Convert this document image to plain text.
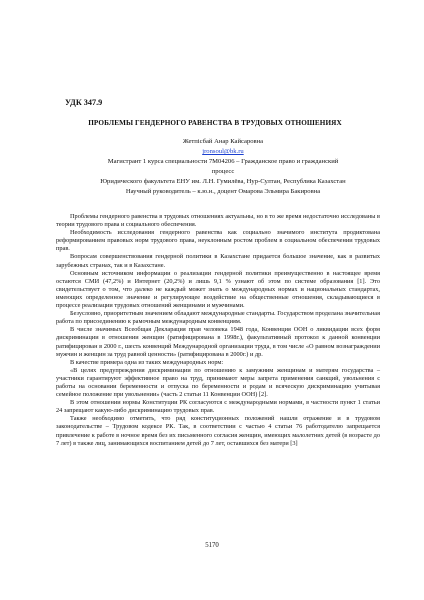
УДК 347.9
ПРОБЛЕМЫ ГЕНДЕРНОГО РАВЕНСТВА В ТРУДОВЫХ ОТНОШЕНИЯХ
Жетпісбай Анар Кайсаровна
jronsoul@bk.ru
Магистрант 1 курса специальности 7М04206 – Гражданское право и гражданский процесс
Юридического факультета ЕНУ им. Л.Н. Гумилёва, Нур-Султан, Республика Казахстан
Научный руководитель – к.ю.н., доцент Омарова Эльмира Бакировна

Проблемы гендерного равенства в трудовых отношениях актуальны, но в то же время недостаточно исследованы в теории трудового права и социального обеспечения.

Необходимость исследования гендерного равенства как социально значимого института продиктована реформированием правовых норм трудового права, неуклонным ростом проблем в социальном обеспечении трудовых прав.

Вопросам совершенствования гендерной политики в Казахстане придается большое значение, как в развитых зарубежных странах, так и в Казахстане.

Основным источником информации о реализации гендерной политики преимущественно в настоящее время остаются СМИ (47,2%) и Интернет (20,2%) и лишь 9,1 % узнают об этом по системе образования [1]. Это свидетельствует о том, что далеко не каждый может знать о международных нормах и национальных стандартах, имеющих определенное значение и регулирующее воздействие на общественные отношения, складывающиеся в процессе реализации трудовых отношений женщинами и мужчинами.

Безусловно, приоритетным значением обладают международные стандарты. Государством проделана значительная работа по присоединению к рамочным международным конвенциям.

В числе значимых Всеобщая Декларация прав человека 1948 года, Конвенция ООН о ликвидации всех форм дискриминации в отношении женщин (ратифицирована в 1998г.), факультативный протокол к данной конвенции ратифицирован в 2000 г., шесть конвенций Международной организации труда, в том числе «О равном вознаграждении мужчин и женщин за труд равной ценности» (ратифицирована в 2000г.) и др.

В качестве примера одна из таких международных норм:

«В целях предупреждения дискриминации по отношению к замужним женщинам и матерям государства – участники гарантируют эффективное право на труд, принимают меры запрета применения санкций, увольнения с работы на основании беременности и отпуска по беременности и родам и всяческую дискриминацию учитывая семейное положение при увольнении» (часть 2 статьи 11 Конвенции ООН) [2].

В этом отношении нормы Конституции РК согласуются с международными нормами, в частности пункт 1 статьи 24 запрещают какую-либо дискриминацию трудовых прав.

Также необходимо отметить, что ряд конституционных положений нашли отражение и в трудовом законодательстве – Трудовом кодексе РК. Так, в соответствии с частью 4 статьи 76 работодателю запрещается привлечение к работе в ночное время без их письменного согласия женщин, имеющих малолетних детей (в возрасте до 7 лет) в также лиц, занимающихся воспитанием детей до 7 лет, оставшихся без матери [3]

5170
